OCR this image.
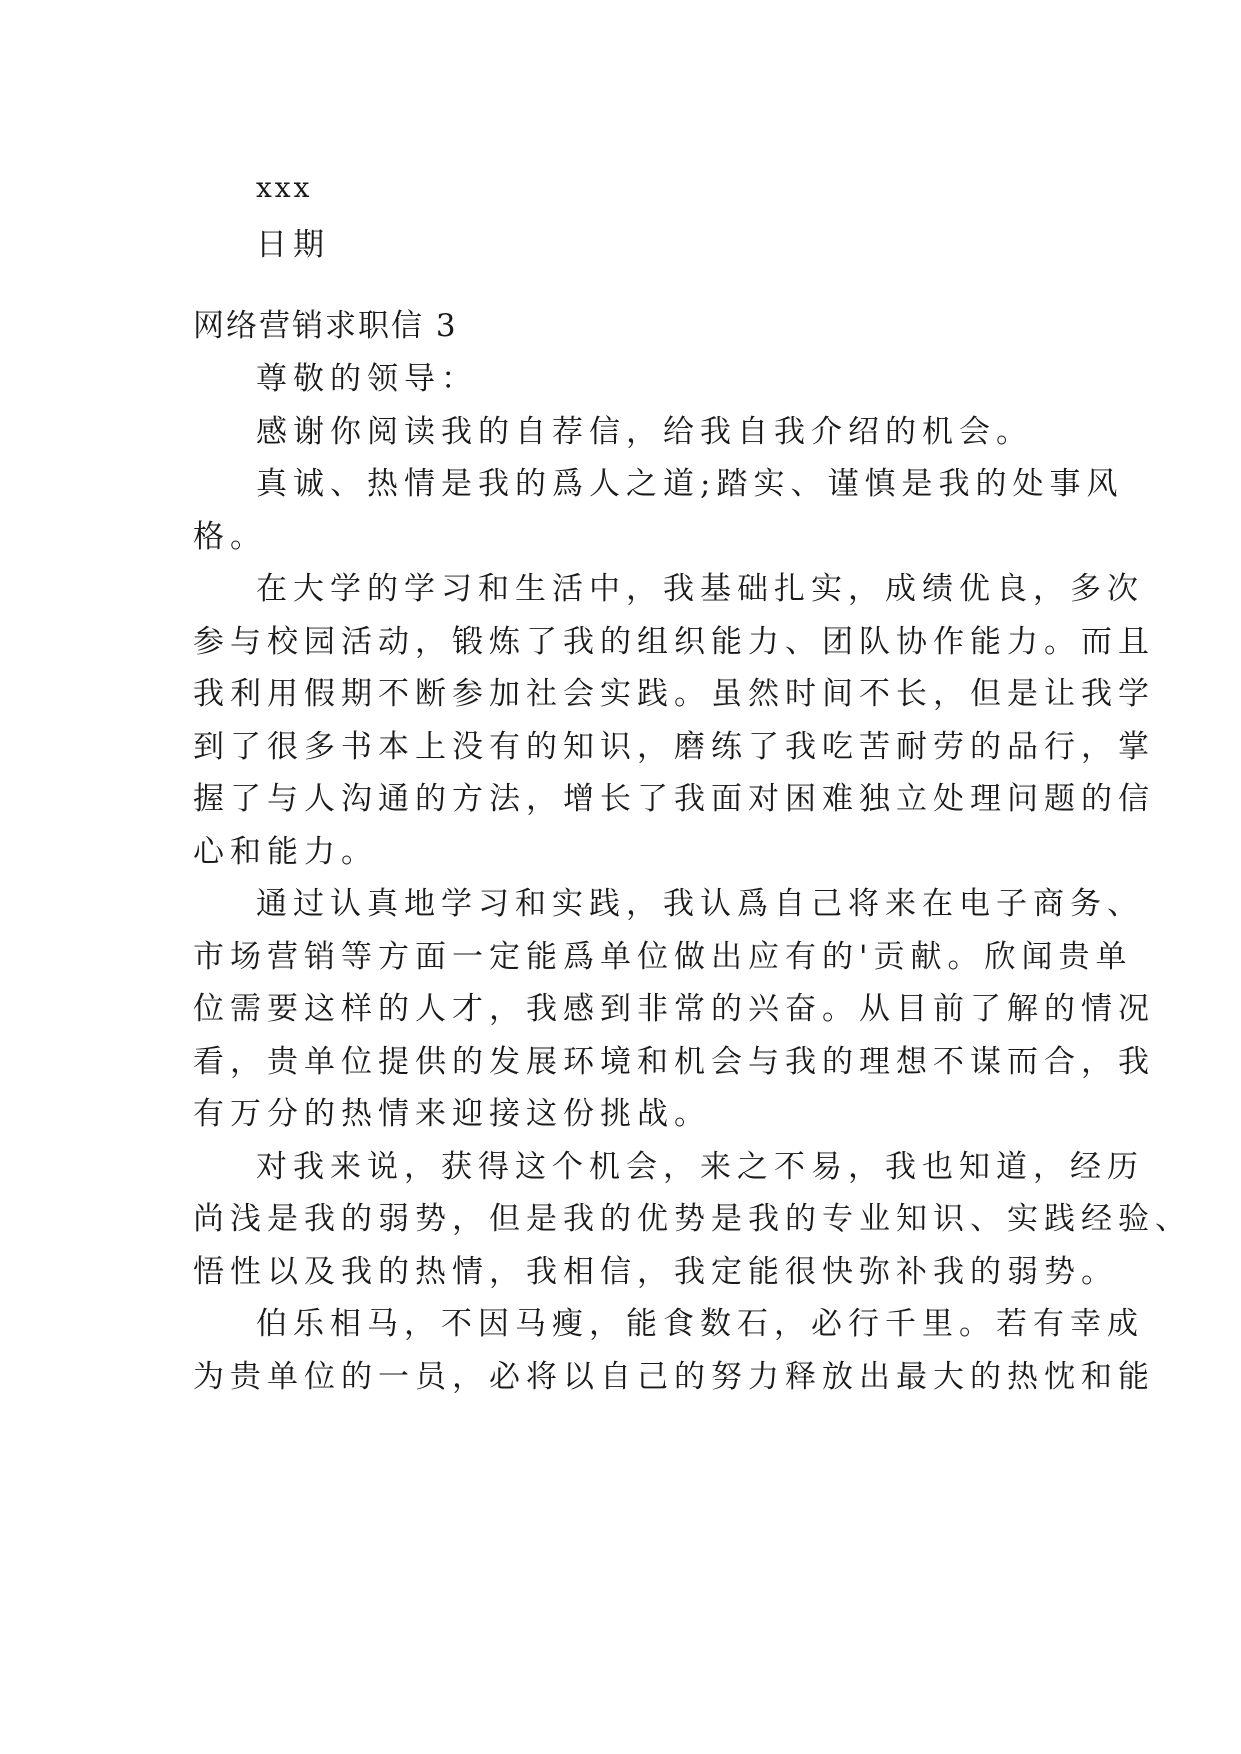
xxx
日期
网络营销求职信 3
尊敬的领导：
感谢你阅读我的自荐信，给我自我介绍的机会。
真诚、热情是我的爲人之道;踏实、谨慎是我的处事风
格。
在大学的学习和生活中，我基础扎实，成绩优良，多次
参与校园活动，锻炼了我的组织能力、团队协作能力。而且
我利用假期不断参加社会实践。虽然时间不长，但是让我学
到了很多书本上没有的知识，磨练了我吃苦耐劳的品行，掌
握了与人沟通的方法，增长了我面对困难独立处理问题的信
心和能力。
通过认真地学习和实践，我认爲自己将来在电子商务、
市场营销等方面一定能爲单位做出应有的'贡献。欣闻贵单
位需要这样的人才，我感到非常的兴奋。从目前了解的情况
看，贵单位提供的发展环境和机会与我的理想不谋而合，我
有万分的热情来迎接这份挑战。
对我来说，获得这个机会，来之不易，我也知道，经历
尚浅是我的弱势，但是我的优势是我的专业知识、实践经验、
悟性以及我的热情，我相信，我定能很快弥补我的弱势。
伯乐相马，不因马瘦，能食数石，必行千里。若有幸成
为贵单位的一员，必将以自己的努力释放出最大的热忱和能
